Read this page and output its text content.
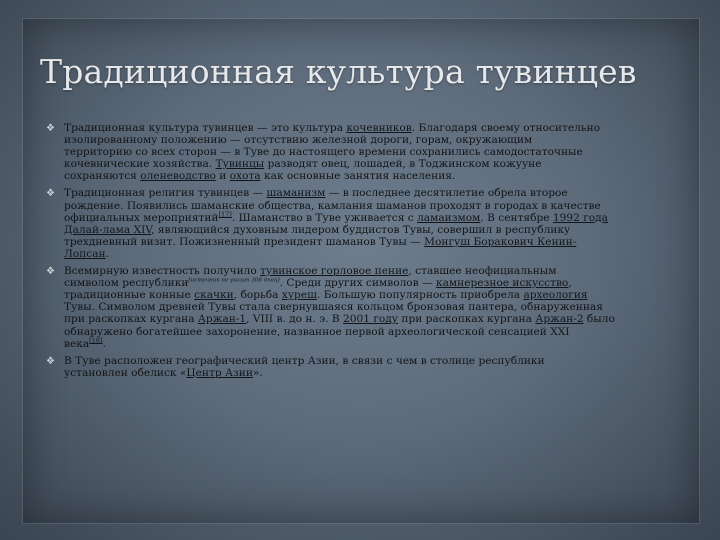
Традиционная культура тувинцев
❖ Традиционная культура тувинцев — это культура кочевников. Благодаря своему относительно
изолированному положению — отсутствию железной дороги, горам, окружающим
территорию со всех сторон — в Туве до настоящего времени сохранились самодостаточные
кочевнические хозяйства. Тувинцы разводят овец, лошадей, в Тоджинском кожууне
сохраняются оленеводство и охота как основные занятия населения.
❖ Традиционная религия тувинцев — шаманизм — в последнее десятилетие обрела второе
рождение. Появились шаманские общества, камлания шаманов проходят в городах в качестве
официальных мероприятий[17]. Шаманство в Туве уживается с ламаизмом. В сентябре 1992 года
Далай-лама XIV, являющийся духовным лидером буддистов Тувы, совершил в республику
трехдневный визит. Пожизненный президент шаманов Тувы — Монгуш Боракович Кенин-
Лопсан.
❖ Всемирную известность получило тувинское горловое пение, ставшее неофициальным
символом республики[источник не указан 308 дней]. Среди других символов — камнерезное искусство,
традиционные конные скачки, борьба хуреш. Большую популярность приобрела археология
Тувы. Символом древней Тувы стала свернувшаяся кольцом бронзовая пантера, обнаруженная
при раскопках кургана Аржан-1, VIII в. до н. э. В 2001 году при раскопках кургана Аржан-2 было
обнаружено богатейшее захоронение, названное первой археологической сенсацией XXI
века[18].
❖ В Туве расположен географический центр Азии, в связи с чем в столице республики
установлен обелиск «Центр Азии».
